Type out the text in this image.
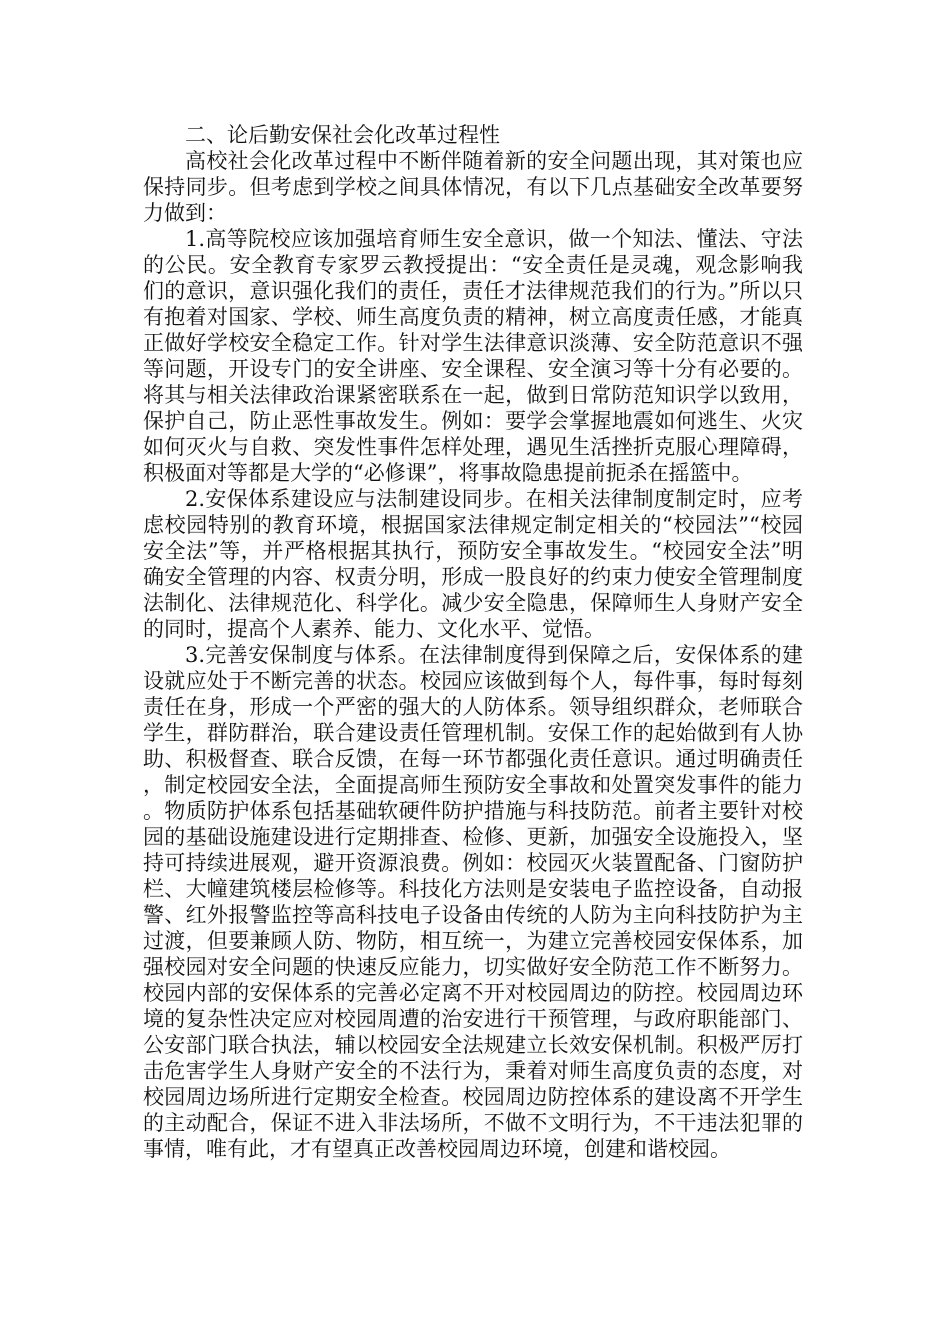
二、论后勤安保社会化改革过程性

高校社会化改革过程中不断伴随着新的安全问题出现，其对策也应保持同步。但考虑到学校之间具体情况，有以下几点基础安全改革要努力做到：

1.高等院校应该加强培育师生安全意识，做一个知法、懂法、守法的公民。安全教育专家罗云教授提出：“安全责任是灵魂，观念影响我们的意识，意识强化我们的责任，责任才法律规范我们的行为。”所以只有抱着对国家、学校、师生高度负责的精神，树立高度责任感，才能真正做好学校安全稳定工作。针对学生法律意识淡薄、安全防范意识不强等问题，开设专门的安全讲座、安全课程、安全演习等十分有必要的。将其与相关法律政治课紧密联系在一起，做到日常防范知识学以致用，保护自己，防止恶性事故发生。例如：要学会掌握地震如何逃生、火灾如何灭火与自救、突发性事件怎样处理，遇见生活挫折克服心理障碍，积极面对等都是大学的“必修课”，将事故隐患提前扼杀在摇篮中。

2.安保体系建设应与法制建设同步。在相关法律制度制定时，应考虑校园特别的教育环境，根据国家法律规定制定相关的“校园法”“校园安全法”等，并严格根据其执行，预防安全事故发生。“校园安全法”明确安全管理的内容、权责分明，形成一股良好的约束力使安全管理制度法制化、法律规范化、科学化。减少安全隐患，保障师生人身财产安全的同时，提高个人素养、能力、文化水平、觉悟。

3.完善安保制度与体系。在法律制度得到保障之后，安保体系的建设就应处于不断完善的状态。校园应该做到每个人，每件事，每时每刻责任在身，形成一个严密的强大的人防体系。领导组织群众，老师联合学生，群防群治，联合建设责任管理机制。安保工作的起始做到有人协助、积极督查、联合反馈，在每一环节都强化责任意识。通过明确责任，制定校园安全法，全面提高师生预防安全事故和处置突发事件的能力。物质防护体系包括基础软硬件防护措施与科技防范。前者主要针对校园的基础设施建设进行定期排查、检修、更新，加强安全设施投入，坚持可持续进展观，避开资源浪费。例如：校园灭火装置配备、门窗防护栏、大幢建筑楼层检修等。科技化方法则是安装电子监控设备，自动报警、红外报警监控等高科技电子设备由传统的人防为主向科技防护为主过渡，但要兼顾人防、物防，相互统一，为建立完善校园安保体系，加强校园对安全问题的快速反应能力，切实做好安全防范工作不断努力。校园内部的安保体系的完善必定离不开对校园周边的防控。校园周边环境的复杂性决定应对校园周遭的治安进行干预管理，与政府职能部门、公安部门联合执法，辅以校园安全法规建立长效安保机制。积极严厉打击危害学生人身财产安全的不法行为，秉着对师生高度负责的态度，对校园周边场所进行定期安全检查。校园周边防控体系的建设离不开学生的主动配合，保证不进入非法场所，不做不文明行为，不干违法犯罪的事情，唯有此，才有望真正改善校园周边环境，创建和谐校园。
